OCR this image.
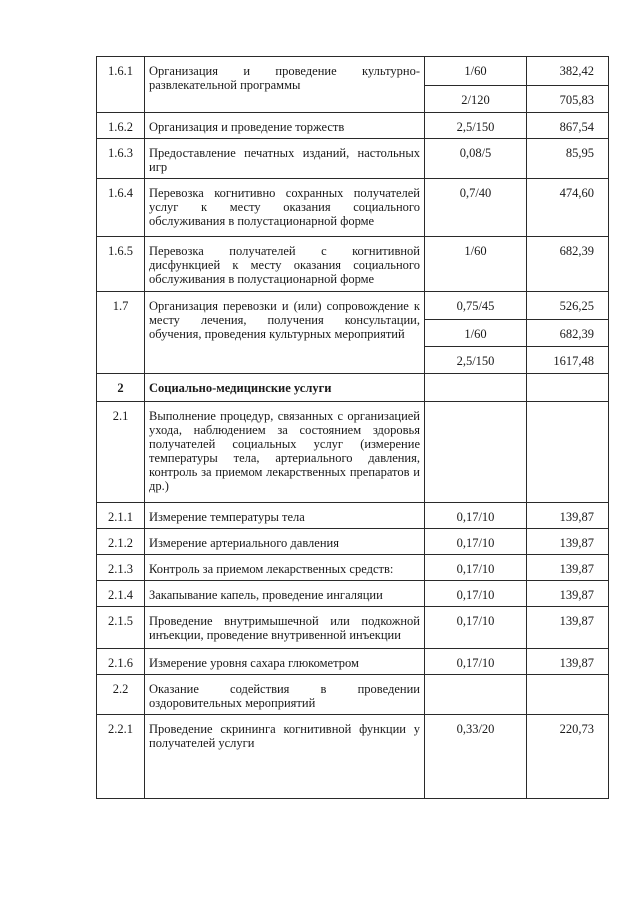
1.6.1	Организация и проведение культурно-развлекательной программы	1/60	382,42
		2/120	705,83
1.6.2	Организация и проведение торжеств	2,5/150	867,54
1.6.3	Предоставление печатных изданий, настольных игр	0,08/5	85,95
1.6.4	Перевозка когнитивно сохранных получателей услуг к месту оказания социального обслуживания в полустационарной форме	0,7/40	474,60
1.6.5	Перевозка получателей с когнитивной дисфункцией к месту оказания социального обслуживания в полустационарной форме	1/60	682,39
1.7	Организация перевозки и (или) сопровождение к месту лечения, получения консультации, обучения, проведения культурных мероприятий	0,75/45	526,25
		1/60	682,39
		2,5/150	1617,48
2	Социально-медицинские услуги		
2.1	Выполнение процедур, связанных с организацией ухода, наблюдением за состоянием здоровья получателей социальных услуг (измерение температуры тела, артериального давления, контроль за приемом лекарственных препаратов и др.)		
2.1.1	Измерение температуры тела	0,17/10	139,87
2.1.2	Измерение артериального давления	0,17/10	139,87
2.1.3	Контроль за приемом лекарственных средств:	0,17/10	139,87
2.1.4	Закапывание капель, проведение ингаляции	0,17/10	139,87
2.1.5	Проведение внутримышечной или подкожной инъекции, проведение внутривенной инъекции	0,17/10	139,87
2.1.6	Измерение уровня сахара глюкометром	0,17/10	139,87
2.2	Оказание содействия в проведении оздоровительных мероприятий		
2.2.1	Проведение скрининга когнитивной функции у получателей услуги	0,33/20	220,73
